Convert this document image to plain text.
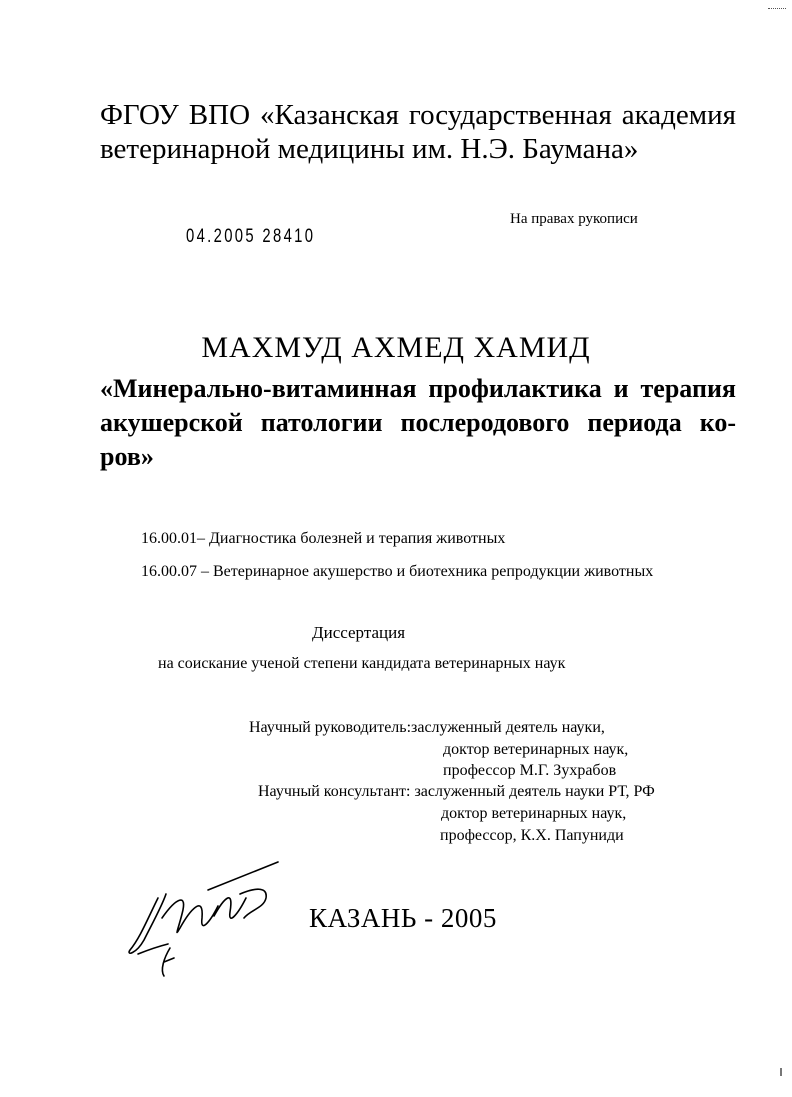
ФГОУ ВПО «Казанская государственная академия
ветеринарной медицины им. Н.Э. Баумана»
04.2005 28410
На правах рукописи
МАХМУД АХМЕД ХАМИД
«Минерально-витаминная профилактика и терапия
акушерской патологии послеродового периода ко-
ров»
16.00.01– Диагностика болезней и терапия животных
16.00.07 – Ветеринарное акушерство и биотехника репродукции животных
Диссертация
на соискание ученой степени кандидата ветеринарных наук
Научный руководитель:заслуженный деятель науки,
доктор ветеринарных наук,
профессор М.Г. Зухрабов
Научный консультант: заслуженный деятель науки РТ, РФ
доктор ветеринарных наук,
профессор, К.Х. Папуниди
КАЗАНЬ - 2005
